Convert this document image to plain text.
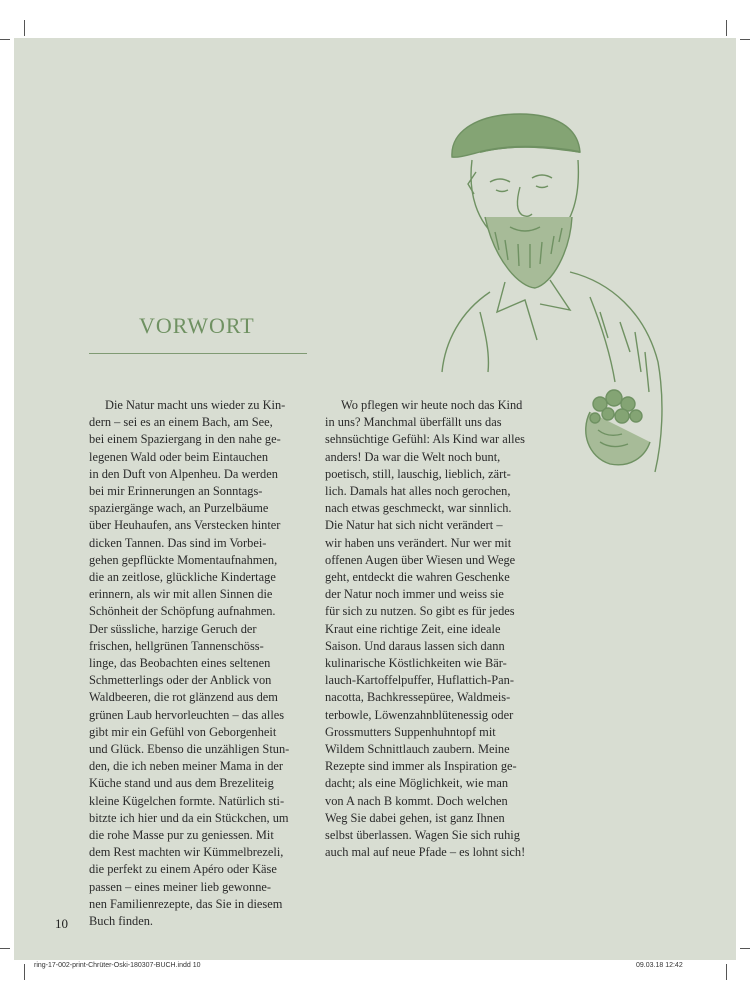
VORWORT
Die Natur macht uns wieder zu Kin-
dern – sei es an einem Bach, am See,
bei einem Spaziergang in den nahe ge-
legenen Wald oder beim Eintauchen
in den Duft von Alpenheu. Da werden
bei mir Erinnerungen an Sonntags-
spaziergänge wach, an Purzelbäume
über Heuhaufen, ans Verstecken hinter
dicken Tannen. Das sind im Vorbei-
gehen gepflückte Momentaufnahmen,
die an zeitlose, glückliche Kindertage
erinnern, als wir mit allen Sinnen die
Schönheit der Schöpfung aufnahmen.
Der süssliche, harzige Geruch der
frischen, hellgrünen Tannenschöss-
linge, das Beobachten eines seltenen
Schmetterlings oder der Anblick von
Waldbeeren, die rot glänzend aus dem
grünen Laub hervorleuchten – das alles
gibt mir ein Gefühl von Geborgenheit
und Glück. Ebenso die unzähligen Stun-
den, die ich neben meiner Mama in der
Küche stand und aus dem Brezeliteig
kleine Kügelchen formte. Natürlich sti-
bitzte ich hier und da ein Stückchen, um
die rohe Masse pur zu geniessen. Mit
dem Rest machten wir Kümmelbrezeli,
die perfekt zu einem Apéro oder Käse
passen – eines meiner lieb gewonne-
nen Familienrezepte, das Sie in diesem
Buch finden.
Wo pflegen wir heute noch das Kind
in uns? Manchmal überfällt uns das
sehnsüchtige Gefühl: Als Kind war alles
anders! Da war die Welt noch bunt,
poetisch, still, lauschig, lieblich, zärt-
lich. Damals hat alles noch gerochen,
nach etwas geschmeckt, war sinnlich.
Die Natur hat sich nicht verändert –
wir haben uns verändert. Nur wer mit
offenen Augen über Wiesen und Wege
geht, entdeckt die wahren Geschenke
der Natur noch immer und weiss sie
für sich zu nutzen. So gibt es für jedes
Kraut eine richtige Zeit, eine ideale
Saison. Und daraus lassen sich dann
kulinarische Köstlichkeiten wie Bär-
lauch-Kartoffelpuffer, Huflattich-Pan-
nacotta, Bachkressepüree, Waldmeis-
terbowle, Löwenzahnblütenessig oder
Grossmutters Suppenhuhntopf mit
Wildem Schnittlauch zaubern. Meine
Rezepte sind immer als Inspiration ge-
dacht; als eine Möglichkeit, wie man
von A nach B kommt. Doch welchen
Weg Sie dabei gehen, ist ganz Ihnen
selbst überlassen. Wagen Sie sich ruhig
auch mal auf neue Pfade – es lohnt sich!
10
ring-17-002-print-Chrüter-Oski-180307-BUCH.indd 10	09.03.18 12:42
